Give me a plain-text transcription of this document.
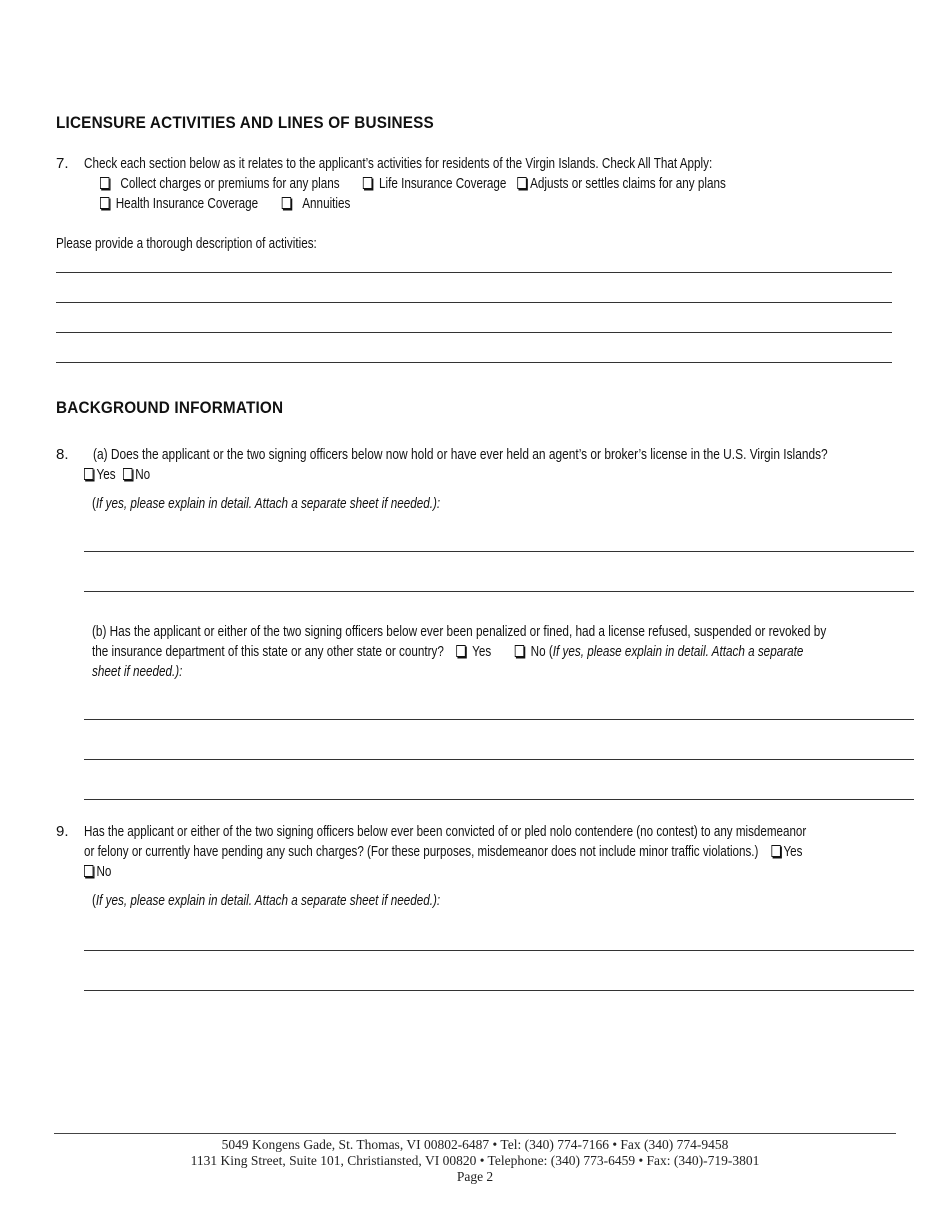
LICENSURE ACTIVITIES AND LINES OF BUSINESS
7. Check each section below as it relates to the applicant’s activities for residents of the Virgin Islands. Check All That Apply:
Collect charges or premiums for any plans	Life Insurance Coverage Adjusts or settles claims for any plans
Health Insurance Coverage	Annuities
Please provide a thorough description of activities:
BACKGROUND INFORMATION
8. (a) Does the applicant or the two signing officers below now hold or have ever held an agent’s or broker’s license in the U.S. Virgin Islands?
Yes No
(If yes, please explain in detail. Attach a separate sheet if needed.):
(b) Has the applicant or either of the two signing officers below ever been penalized or fined, had a license refused, suspended or revoked by
the insurance department of this state or any other state or country? Yes	No (If yes, please explain in detail. Attach a separate
sheet if needed.):
9. Has the applicant or either of the two signing officers below ever been convicted of or pled nolo contendere (no contest) to any misdemeanor
or felony or currently have pending any such charges? (For these purposes, misdemeanor does not include minor traffic violations.) Yes
No
(If yes, please explain in detail. Attach a separate sheet if needed.):
5049 Kongens Gade, St. Thomas, VI 00802-6487 • Tel: (340) 774-7166 • Fax (340) 774-9458
1131 King Street, Suite 101, Christiansted, VI 00820 • Telephone: (340) 773-6459 • Fax: (340)-719-3801
Page 2
